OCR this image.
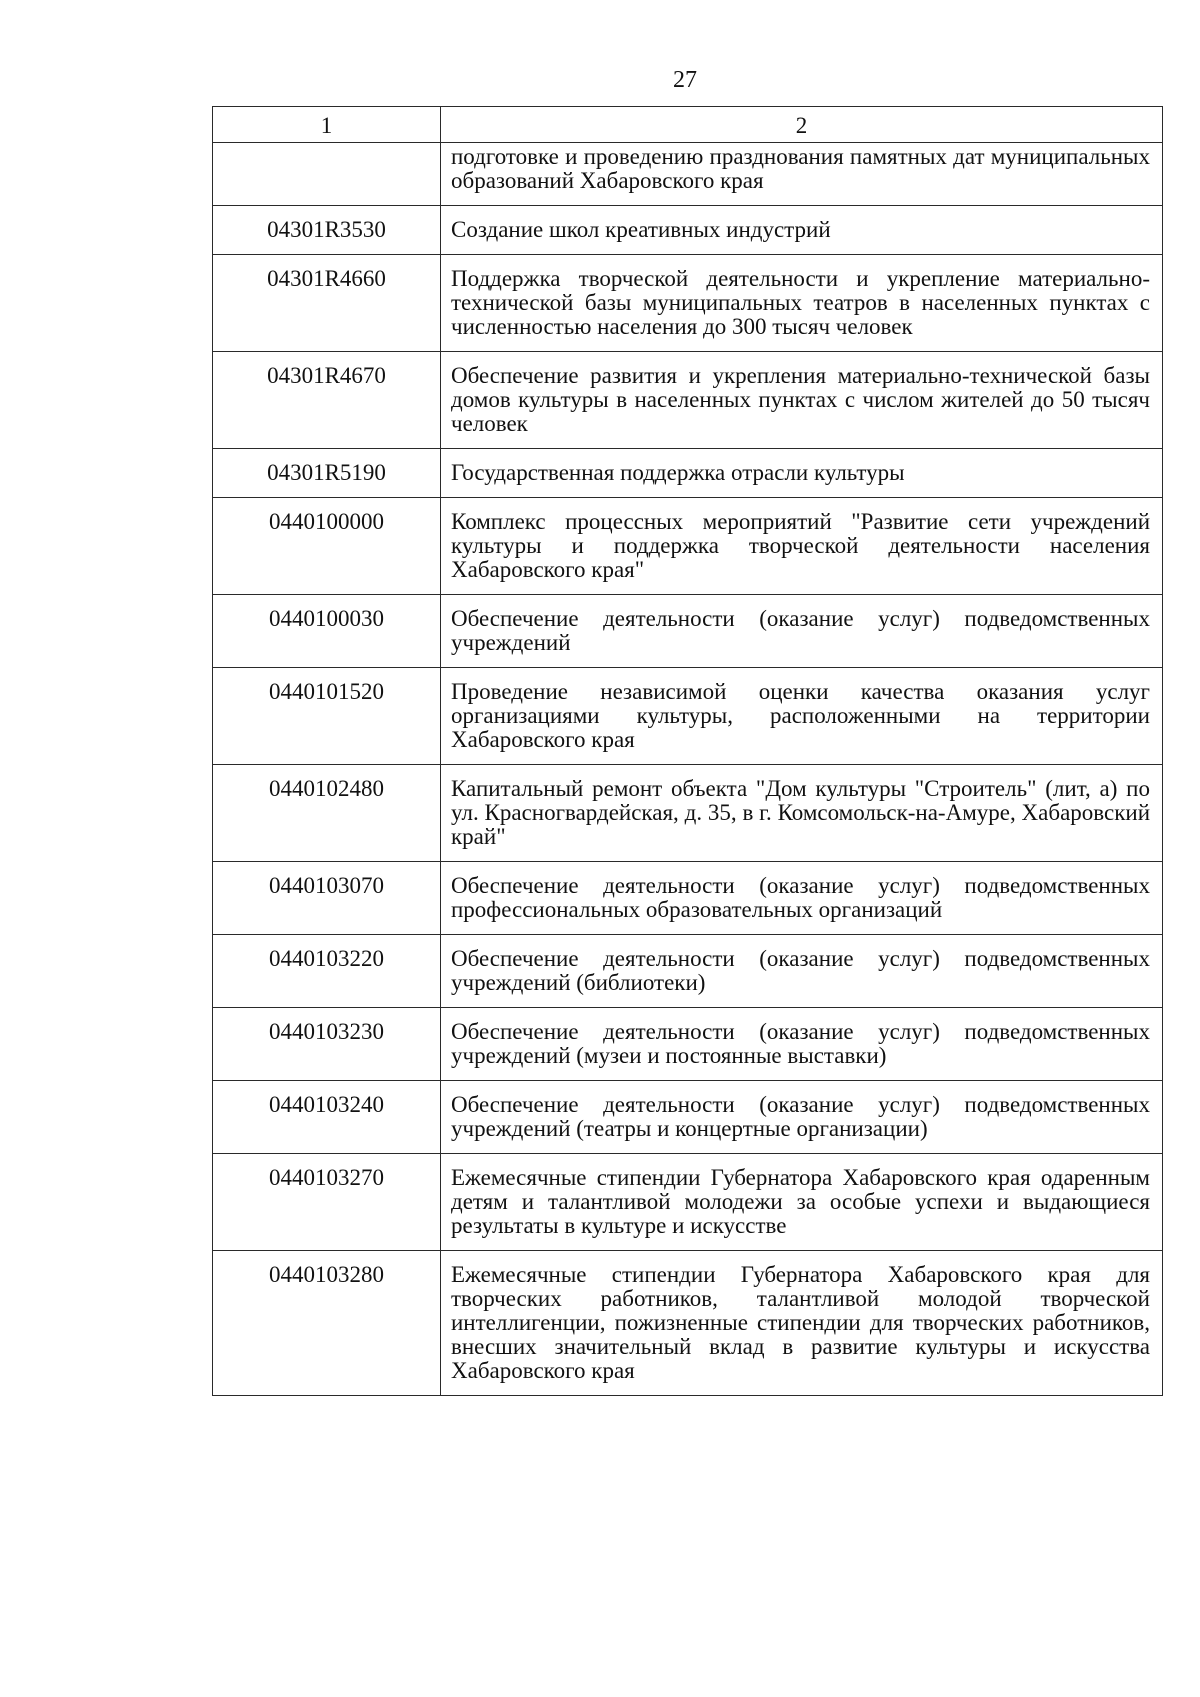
27
1	2
	подготовке и проведению празднования памятных дат муниципальных образований Хабаровского края
04301R3530	Создание школ креативных индустрий
04301R4660	Поддержка творческой деятельности и укрепление материально-технической базы муниципальных театров в населенных пунктах с численностью населения до 300 тысяч человек
04301R4670	Обеспечение развития и укрепления материально-технической базы домов культуры в населенных пунктах с числом жителей до 50 тысяч человек
04301R5190	Государственная поддержка отрасли культуры
0440100000	Комплекс процессных мероприятий "Развитие сети учреждений культуры и поддержка творческой деятельности населения Хабаровского края"
0440100030	Обеспечение деятельности (оказание услуг) подведомственных учреждений
0440101520	Проведение независимой оценки качества оказания услуг организациями культуры, расположенными на территории Хабаровского края
0440102480	Капитальный ремонт объекта "Дом культуры "Строитель" (лит, а) по ул. Красногвардейская, д. 35, в г. Комсомольск-на-Амуре, Хабаровский край"
0440103070	Обеспечение деятельности (оказание услуг) подведомственных профессиональных образовательных организаций
0440103220	Обеспечение деятельности (оказание услуг) подведомственных учреждений (библиотеки)
0440103230	Обеспечение деятельности (оказание услуг) подведомственных учреждений (музеи и постоянные выставки)
0440103240	Обеспечение деятельности (оказание услуг) подведомственных учреждений (театры и концертные организации)
0440103270	Ежемесячные стипендии Губернатора Хабаровского края одаренным детям и талантливой молодежи за особые успехи и выдающиеся результаты в культуре и искусстве
0440103280	Ежемесячные стипендии Губернатора Хабаровского края для творческих работников, талантливой молодой творческой интеллигенции, пожизненные стипендии для творческих работников, внесших значительный вклад в развитие культуры и искусства Хабаровского края
